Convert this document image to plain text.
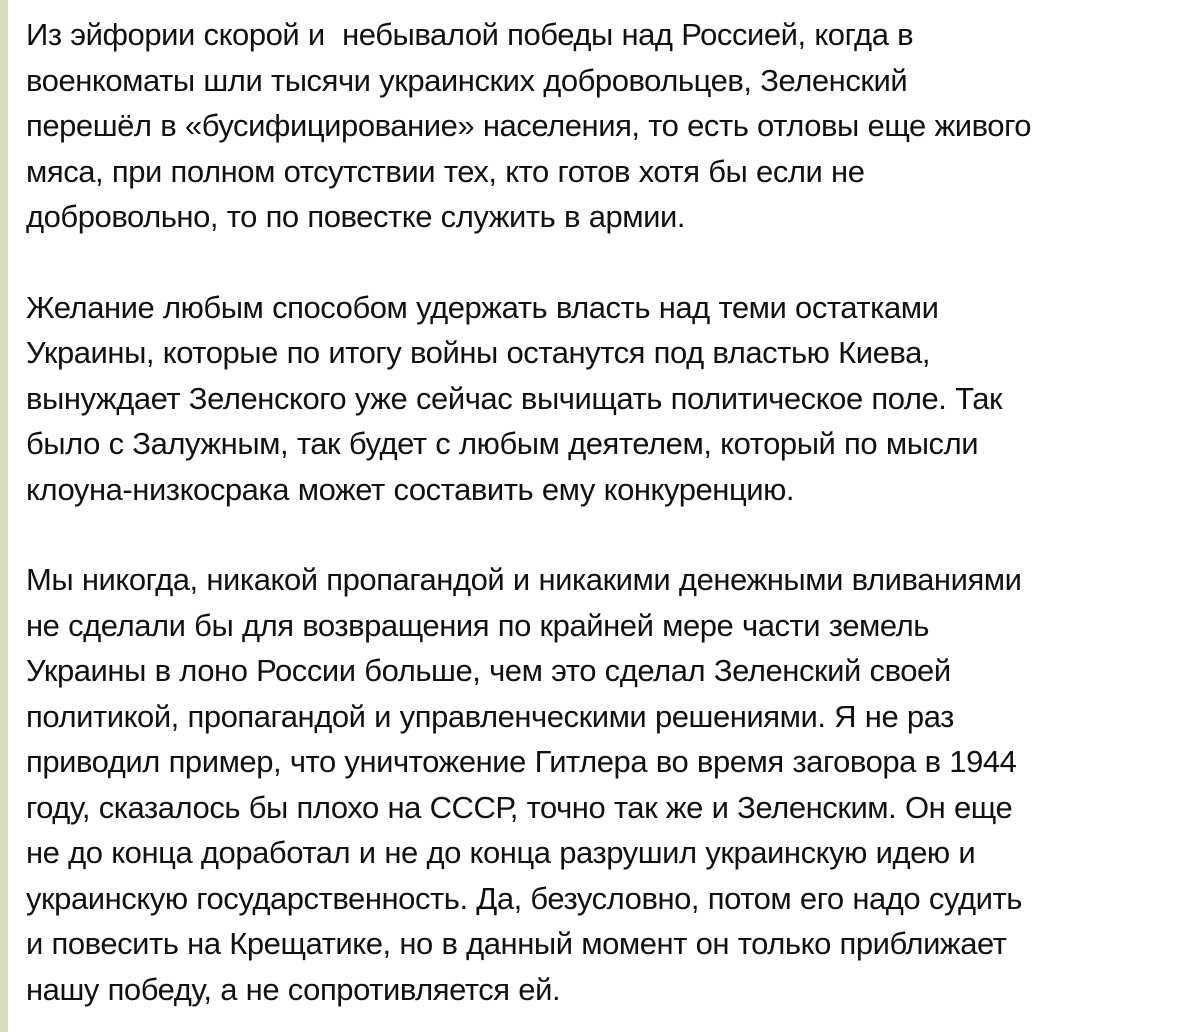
Из эйфории скорой и  небывалой победы над Россией, когда в
военкоматы шли тысячи украинских добровольцев, Зеленский
перешёл в «бусифицирование» населения, то есть отловы еще живого
мяса, при полном отсутствии тех, кто готов хотя бы если не
добровольно, то по повестке служить в армии.

Желание любым способом удержать власть над теми остатками
Украины, которые по итогу войны останутся под властью Киева,
вынуждает Зеленского уже сейчас вычищать политическое поле. Так
было с Залужным, так будет с любым деятелем, который по мысли
клоуна-низкосрака может составить ему конкуренцию.

Мы никогда, никакой пропагандой и никакими денежными вливаниями
не сделали бы для возвращения по крайней мере части земель
Украины в лоно России больше, чем это сделал Зеленский своей
политикой, пропагандой и управленческими решениями. Я не раз
приводил пример, что уничтожение Гитлера во время заговора в 1944
году, сказалось бы плохо на СССР, точно так же и Зеленским. Он еще
не до конца доработал и не до конца разрушил украинскую идею и
украинскую государственность. Да, безусловно, потом его надо судить
и повесить на Крещатике, но в данный момент он только приближает
нашу победу, а не сопротивляется ей.
